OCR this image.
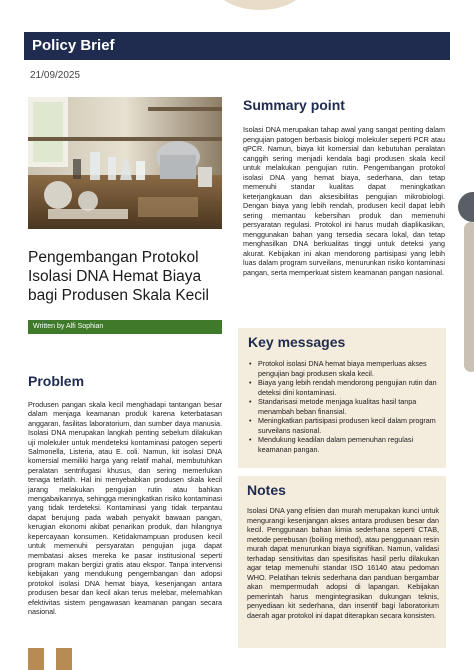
Policy Brief
21/09/2025
Pengembangan Protokol Isolasi DNA Hemat Biaya bagi Produsen Skala Kecil
Written by Alfi Sophian
Problem

Produsen pangan skala kecil menghadapi tantangan besar dalam menjaga keamanan produk karena keterbatasan anggaran, fasilitas laboratorium, dan sumber daya manusia. Isolasi DNA merupakan langkah penting sebelum dilakukan uji molekuler untuk mendeteksi kontaminasi patogen seperti Salmonella, Listeria, atau E. coli. Namun, kit isolasi DNA komersial memiliki harga yang relatif mahal, membutuhkan peralatan sentrifugasi khusus, dan sering memerlukan tenaga terlatih. Hal ini menyebabkan produsen skala kecil jarang melakukan pengujian rutin atau bahkan mengabaikannya, sehingga meningkatkan risiko kontaminasi yang tidak terdeteksi. Kontaminasi yang tidak terpantau dapat berujung pada wabah penyakit bawaan pangan, kerugian ekonomi akibat penarikan produk, dan hilangnya kepercayaan konsumen. Ketidakmampuan produsen kecil untuk memenuhi persyaratan pengujian juga dapat membatasi akses mereka ke pasar institusional seperti program makan bergizi gratis atau ekspor. Tanpa intervensi kebijakan yang mendukung pengembangan dan adopsi protokol isolasi DNA hemat biaya, kesenjangan antara produsen besar dan kecil akan terus melebar, melemahkan efektivitas sistem pengawasan keamanan pangan secara nasional.

Summary point

Isolasi DNA merupakan tahap awal yang sangat penting dalam pengujian patogen berbasis biologi molekuler seperti PCR atau qPCR. Namun, biaya kit komersial dan kebutuhan peralatan canggih sering menjadi kendala bagi produsen skala kecil untuk melakukan pengujian rutin. Pengembangan protokol isolasi DNA yang hemat biaya, sederhana, dan tetap memenuhi standar kualitas dapat meningkatkan keterjangkauan dan aksesibilitas pengujian mikrobiologi. Dengan biaya yang lebih rendah, produsen kecil dapat lebih sering memantau kebersihan produk dan memenuhi persyaratan regulasi. Protokol ini harus mudah diaplikasikan, menggunakan bahan yang tersedia secara lokal, dan tetap menghasilkan DNA berkualitas tinggi untuk deteksi yang akurat. Kebijakan ini akan mendorong partisipasi yang lebih luas dalam program surveilans, menurunkan risiko kontaminasi pangan, serta memperkuat sistem keamanan pangan nasional.

Key messages
• Protokol isolasi DNA hemat biaya memperluas akses pengujian bagi produsen skala kecil.
• Biaya yang lebih rendah mendorong pengujian rutin dan deteksi dini kontaminasi.
• Standarisasi metode menjaga kualitas hasil tanpa menambah beban finansial.
• Meningkatkan partisipasi produsen kecil dalam program surveilans nasional.
• Mendukung keadilan dalam pemenuhan regulasi keamanan pangan.
Notes

Isolasi DNA yang efisien dan murah merupakan kunci untuk mengurangi kesenjangan akses antara produsen besar dan kecil. Penggunaan bahan kimia sederhana seperti CTAB, metode perebusan (boiling method), atau penggunaan resin murah dapat menurunkan biaya signifikan. Namun, validasi terhadap sensitivitas dan spesifisitas hasil perlu dilakukan agar tetap memenuhi standar ISO 16140 atau pedoman WHO. Pelatihan teknis sederhana dan panduan bergambar akan mempermudah adopsi di lapangan. Kebijakan pemerintah harus mengintegrasikan dukungan teknis, penyediaan kit sederhana, dan insentif bagi laboratorium daerah agar protokol ini dapat diterapkan secara konsisten.
